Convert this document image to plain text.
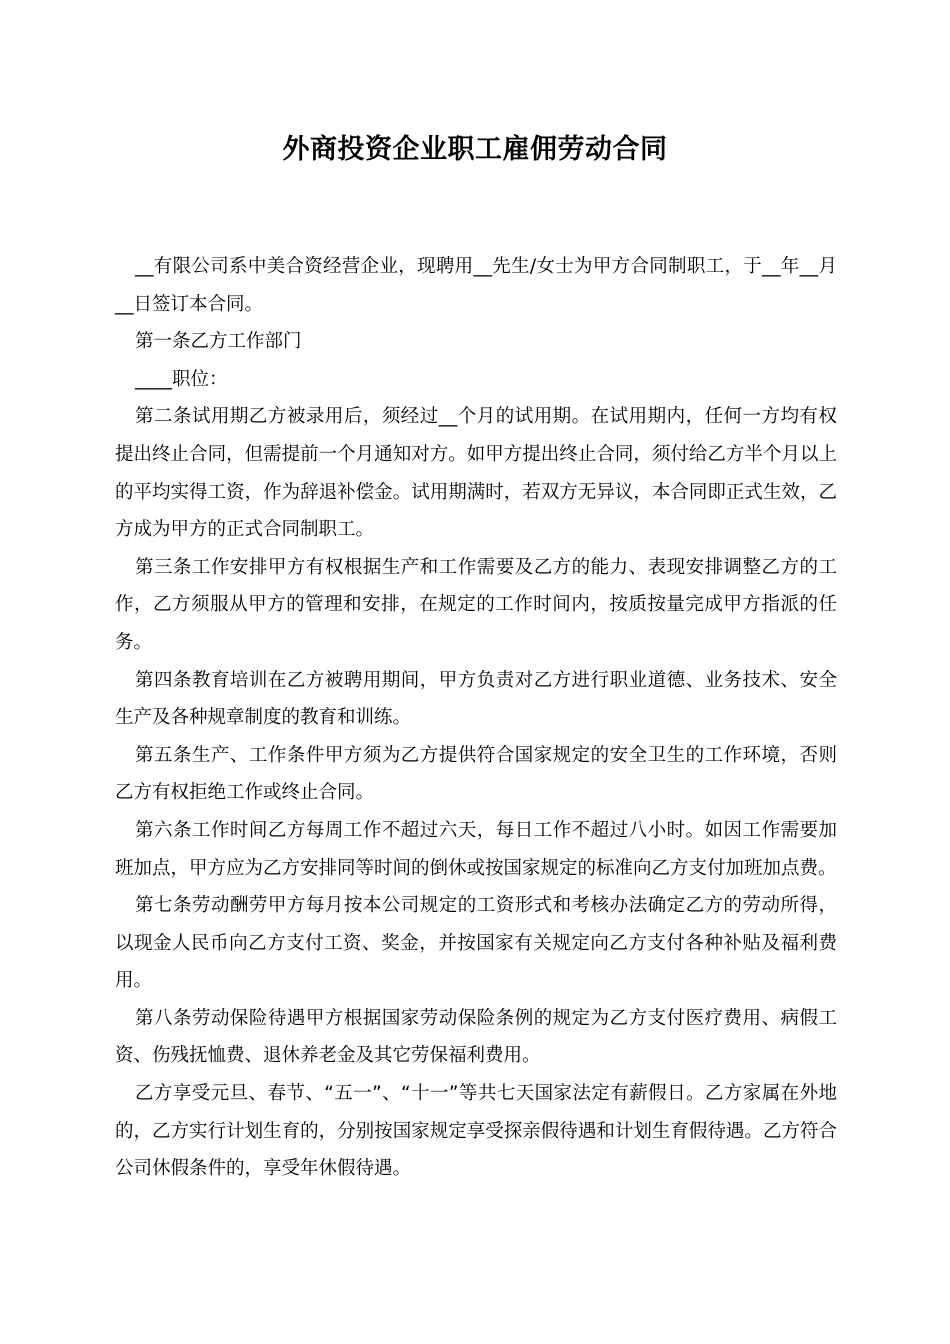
外商投资企业职工雇佣劳动合同

__有限公司系中美合资经营企业，现聘用__先生/女士为甲方合同制职工，于__年__月__日签订本合同。

第一条乙方工作部门

____职位：

第二条试用期乙方被录用后，须经过__个月的试用期。在试用期内，任何一方均有权提出终止合同，但需提前一个月通知对方。如甲方提出终止合同，须付给乙方半个月以上的平均实得工资，作为辞退补偿金。试用期满时，若双方无异议，本合同即正式生效，乙方成为甲方的正式合同制职工。

第三条工作安排甲方有权根据生产和工作需要及乙方的能力、表现安排调整乙方的工作，乙方须服从甲方的管理和安排，在规定的工作时间内，按质按量完成甲方指派的任务。

第四条教育培训在乙方被聘用期间，甲方负责对乙方进行职业道德、业务技术、安全生产及各种规章制度的教育和训练。

第五条生产、工作条件甲方须为乙方提供符合国家规定的安全卫生的工作环境，否则乙方有权拒绝工作或终止合同。

第六条工作时间乙方每周工作不超过六天，每日工作不超过八小时。如因工作需要加班加点，甲方应为乙方安排同等时间的倒休或按国家规定的标准向乙方支付加班加点费。

第七条劳动酬劳甲方每月按本公司规定的工资形式和考核办法确定乙方的劳动所得，以现金人民币向乙方支付工资、奖金，并按国家有关规定向乙方支付各种补贴及福利费用。

第八条劳动保险待遇甲方根据国家劳动保险条例的规定为乙方支付医疗费用、病假工资、伤残抚恤费、退休养老金及其它劳保福利费用。

乙方享受元旦、春节、“五一”、“十一”等共七天国家法定有薪假日。乙方家属在外地的，乙方实行计划生育的，分别按国家规定享受探亲假待遇和计划生育假待遇。乙方符合公司休假条件的，享受年休假待遇。
